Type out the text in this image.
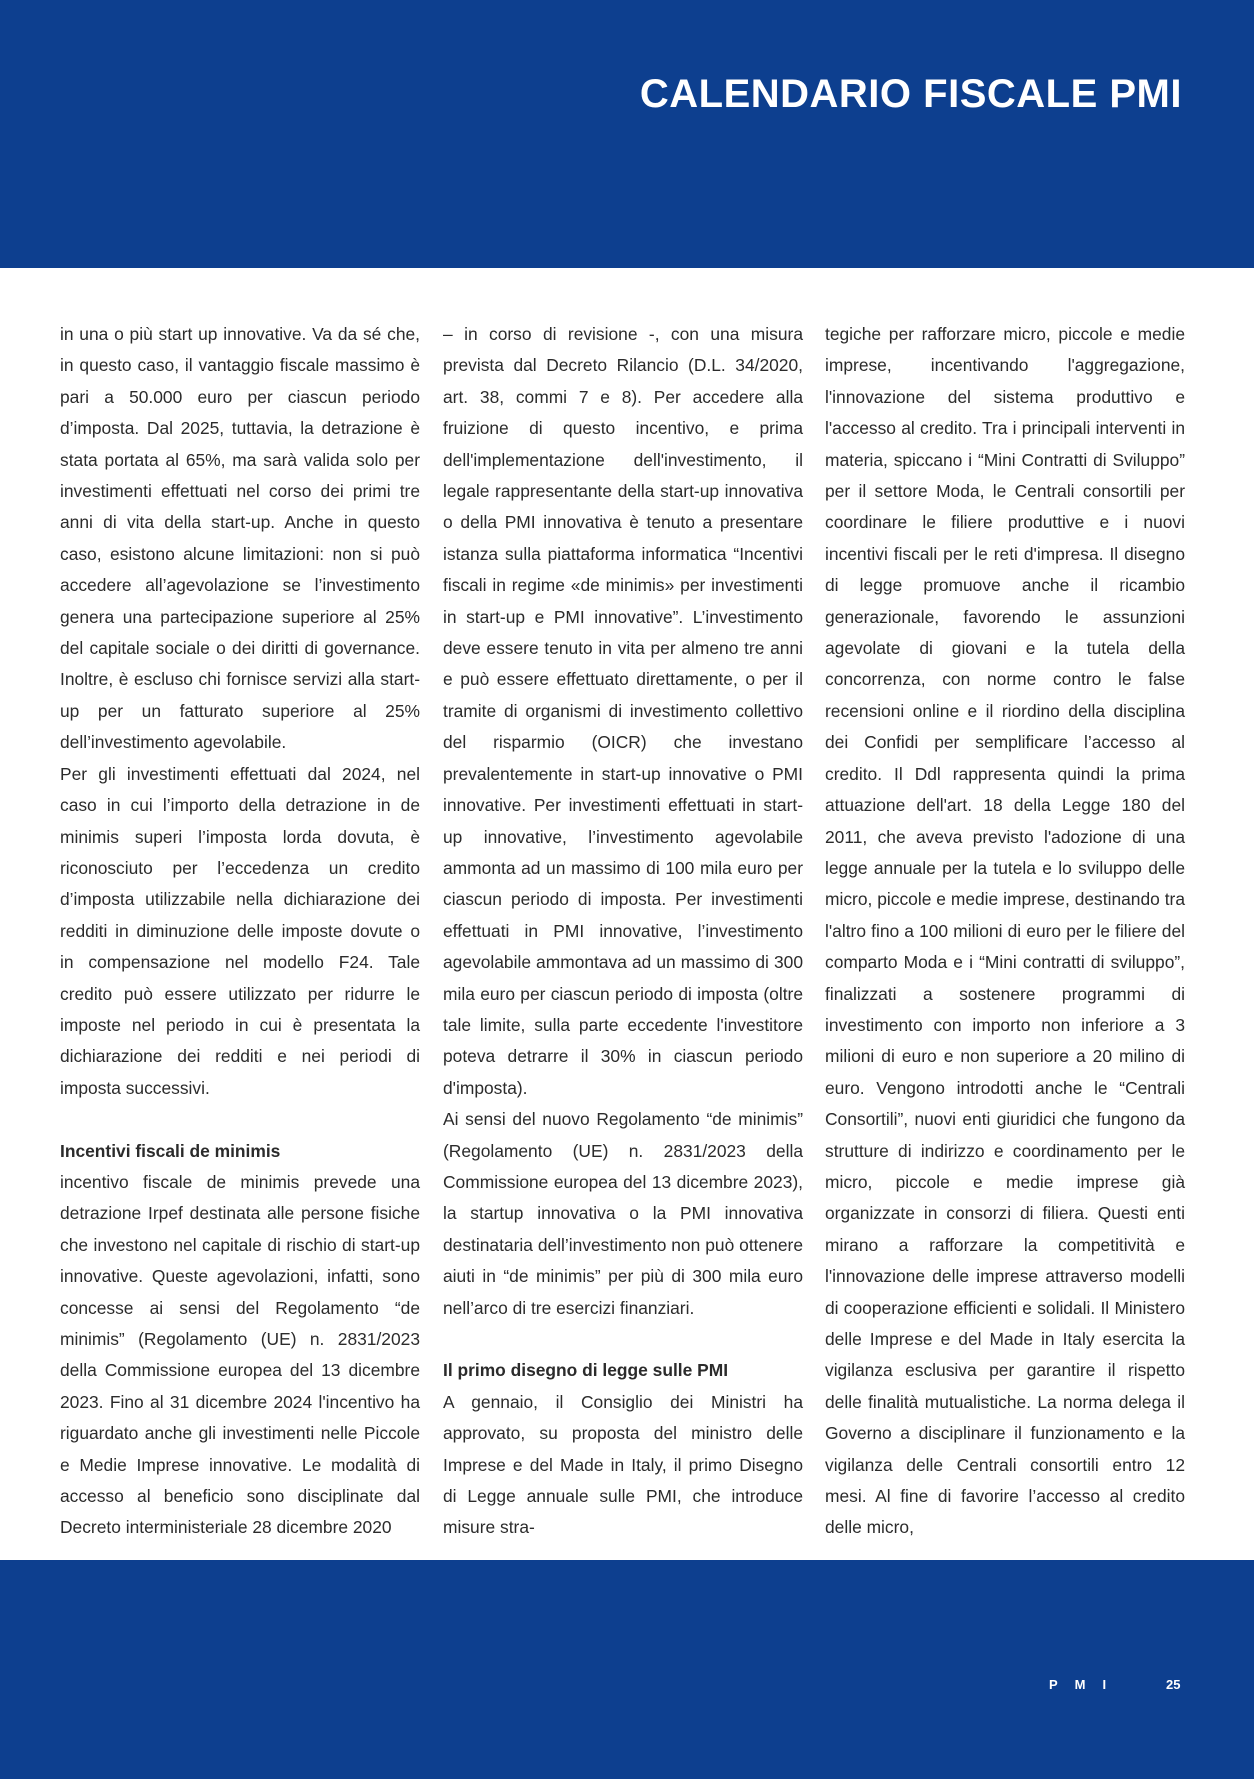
CALENDARIO FISCALE PMI

in una o più start up innovative. Va da sé che, in questo caso, il vantaggio fiscale massimo è pari a 50.000 euro per ciascun periodo d’imposta. Dal 2025, tuttavia, la detrazione è stata portata al 65%, ma sarà valida solo per investimenti effettuati nel corso dei primi tre anni di vita della start-up. Anche in questo caso, esistono alcune limitazioni: non si può accedere all’agevolazione se l’investimento genera una partecipazione superiore al 25% del capitale sociale o dei diritti di governance. Inoltre, è escluso chi fornisce servizi alla start-up per un fatturato superiore al 25% dell’investimento agevolabile.

Per gli investimenti effettuati dal 2024, nel caso in cui l’importo della detrazione in de minimis superi l’imposta lorda dovuta, è riconosciuto per l’eccedenza un credito d’imposta utilizzabile nella dichiarazione dei redditi in diminuzione delle imposte dovute o in compensazione nel modello F24. Tale credito può essere utilizzato per ridurre le imposte nel periodo in cui è presentata la dichiarazione dei redditi e nei periodi di imposta successivi.

Incentivi fiscali de minimis

incentivo fiscale de minimis prevede una detrazione Irpef destinata alle persone fisiche che investono nel capitale di rischio di start-up innovative. Queste agevolazioni, infatti, sono concesse ai sensi del Regolamento “de minimis” (Regolamento (UE) n. 2831/2023 della Commissione europea del 13 dicembre 2023. Fino al 31 dicembre 2024 l'incentivo ha riguardato anche gli investimenti nelle Piccole e Medie Imprese innovative. Le modalità di accesso al beneficio sono disciplinate dal Decreto interministeriale 28 dicembre 2020

– in corso di revisione -, con una misura prevista dal Decreto Rilancio (D.L. 34/2020, art. 38, commi 7 e 8). Per accedere alla fruizione di questo incentivo, e prima dell'implementazione dell'investimento, il legale rappresentante della start-up innovativa o della PMI innovativa è tenuto a presentare istanza sulla piattaforma informatica “Incentivi fiscali in regime «de minimis» per investimenti in start-up e PMI innovative”. L’investimento deve essere tenuto in vita per almeno tre anni e può essere effettuato direttamente, o per il tramite di organismi di investimento collettivo del risparmio (OICR) che investano prevalentemente in start-up innovative o PMI innovative. Per investimenti effettuati in start-up innovative, l’investimento agevolabile ammonta ad un massimo di 100 mila euro per ciascun periodo di imposta. Per investimenti effettuati in PMI innovative, l’investimento agevolabile ammontava ad un massimo di 300 mila euro per ciascun periodo di imposta (oltre tale limite, sulla parte eccedente l'investitore poteva detrarre il 30% in ciascun periodo d'imposta).

Ai sensi del nuovo Regolamento “de minimis” (Regolamento (UE) n. 2831/2023 della Commissione europea del 13 dicembre 2023), la startup innovativa o la PMI innovativa destinataria dell’investimento non può ottenere aiuti in “de minimis” per più di 300 mila euro nell’arco di tre esercizi finanziari.

Il primo disegno di legge sulle PMI

A gennaio, il Consiglio dei Ministri ha approvato, su proposta del ministro delle Imprese e del Made in Italy, il primo Disegno di Legge annuale sulle PMI, che introduce misure stra-

tegiche per rafforzare micro, piccole e medie imprese, incentivando l'aggregazione, l'innovazione del sistema produttivo e l'accesso al credito. Tra i principali interventi in materia, spiccano i “Mini Contratti di Sviluppo” per il settore Moda, le Centrali consortili per coordinare le filiere produttive e i nuovi incentivi fiscali per le reti d'impresa. Il disegno di legge promuove anche il ricambio generazionale, favorendo le assunzioni agevolate di giovani e la tutela della concorrenza, con norme contro le false recensioni online e il riordino della disciplina dei Confidi per semplificare l’accesso al credito. Il Ddl rappresenta quindi la prima attuazione dell'art. 18 della Legge 180 del 2011, che aveva previsto l'adozione di una legge annuale per la tutela e lo sviluppo delle micro, piccole e medie imprese, destinando tra l'altro fino a 100 milioni di euro per le filiere del comparto Moda e i “Mini contratti di sviluppo”, finalizzati a sostenere programmi di investimento con importo non inferiore a 3 milioni di euro e non superiore a 20 milino di euro. Vengono introdotti anche le “Centrali Consortili”, nuovi enti giuridici che fungono da strutture di indirizzo e coordinamento per le micro, piccole e medie imprese già organizzate in consorzi di filiera. Questi enti mirano a rafforzare la competitività e l'innovazione delle imprese attraverso modelli di cooperazione efficienti e solidali. Il Ministero delle Imprese e del Made in Italy esercita la vigilanza esclusiva per garantire il rispetto delle finalità mutualistiche. La norma delega il Governo a disciplinare il funzionamento e la vigilanza delle Centrali consortili entro 12 mesi. Al fine di favorire l’accesso al credito delle micro,

PMI	25
